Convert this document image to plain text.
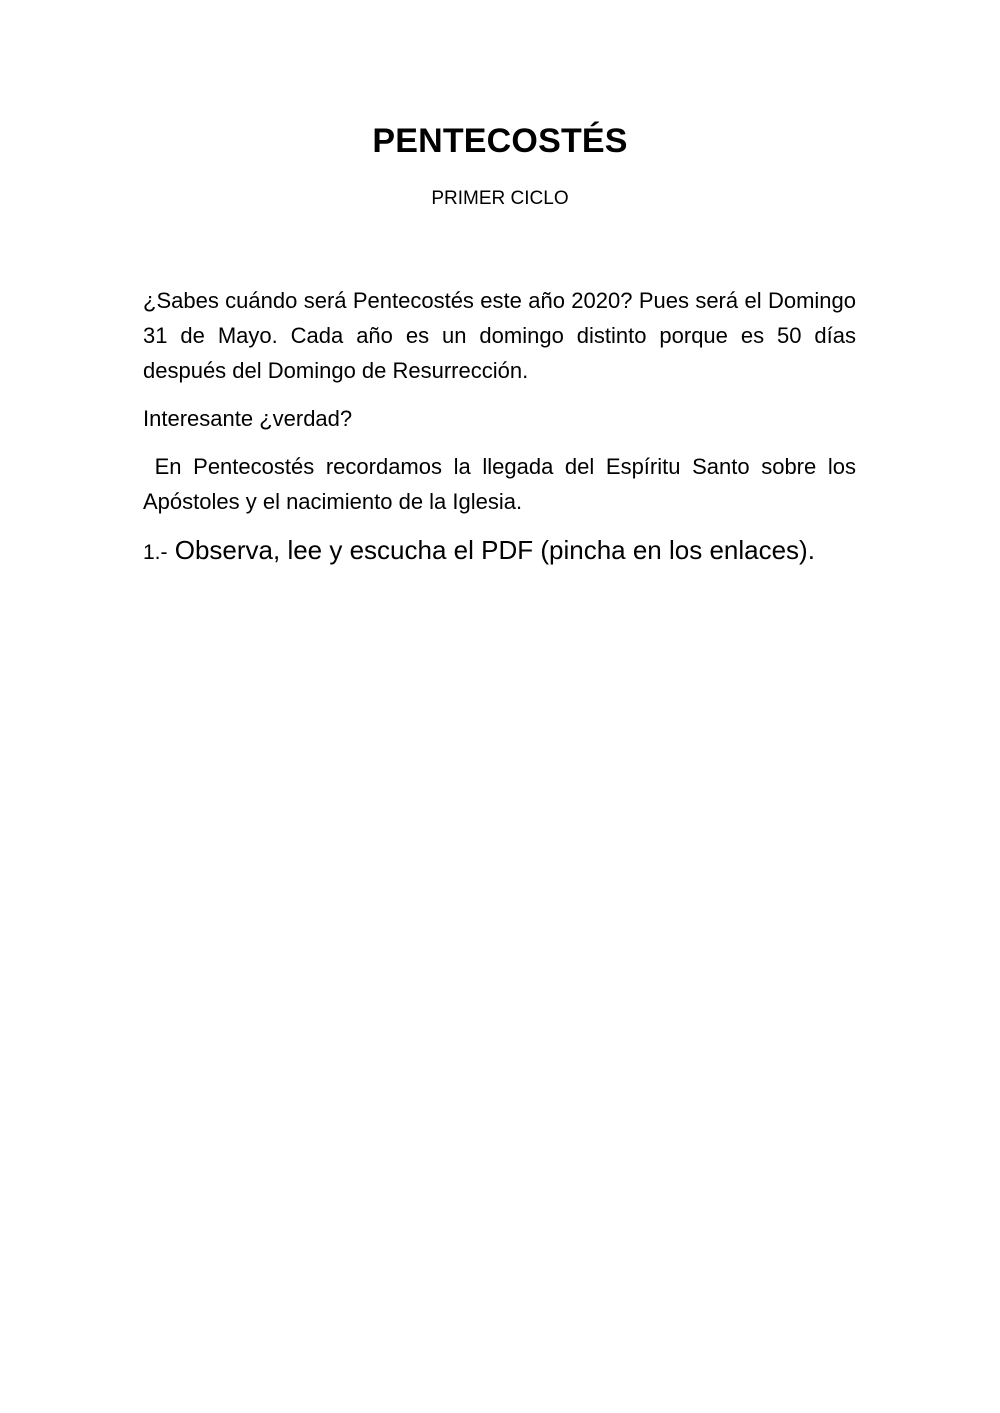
PENTECOSTÉS

PRIMER CICLO

¿Sabes cuándo será Pentecostés este año 2020? Pues será el Domingo 31 de Mayo. Cada año es un domingo distinto porque es 50 días después del Domingo de Resurrección.

Interesante ¿verdad?

En Pentecostés recordamos la llegada del Espíritu Santo sobre los Apóstoles y el nacimiento de la Iglesia.

1.- Observa, lee y escucha el PDF (pincha en los enlaces).
